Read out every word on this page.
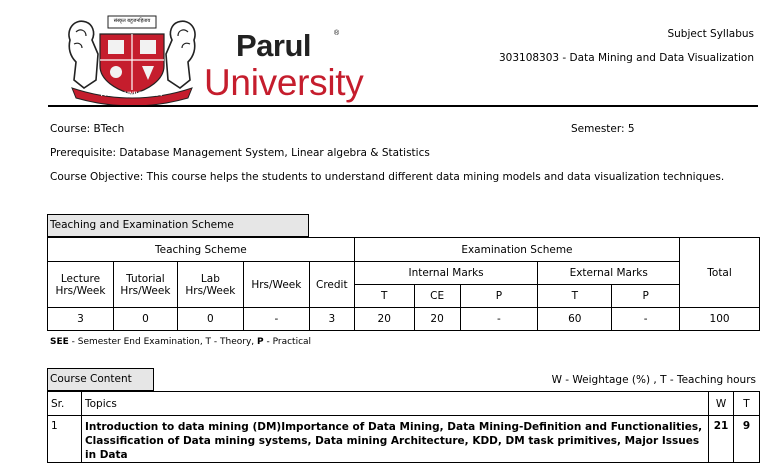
संस्कृत बहुजनहिताय
PARUL UNIVERSITY
Parul	®
University
Subject Syllabus
303108303 - Data Mining and Data Visualization
Course: BTech	Semester: 5
Prerequisite: Database Management System, Linear algebra & Statistics
Course Objective: This course helps the students to understand different data mining models and data visualization techniques.
Teaching and Examination Scheme
Teaching Scheme					Examination Scheme					Total
Lecture Hrs/Week	Tutorial Hrs/Week	Lab Hrs/Week	Hrs/Week	Credit	Internal Marks			External Marks		
					T	CE	P	T	P	
3	0	0	-	3	20	20	-	60	-	100
SEE - Semester End Examination, T - Theory, P - Practical
Course Content	W - Weightage (%) , T - Teaching hours
Sr.	Topics	W	T
1	Introduction to data mining (DM)Importance of Data Mining, Data Mining-Definition and Functionalities,
Classification of Data mining systems, Data mining Architecture, KDD, DM task primitives, Major Issues in Data	21	9
